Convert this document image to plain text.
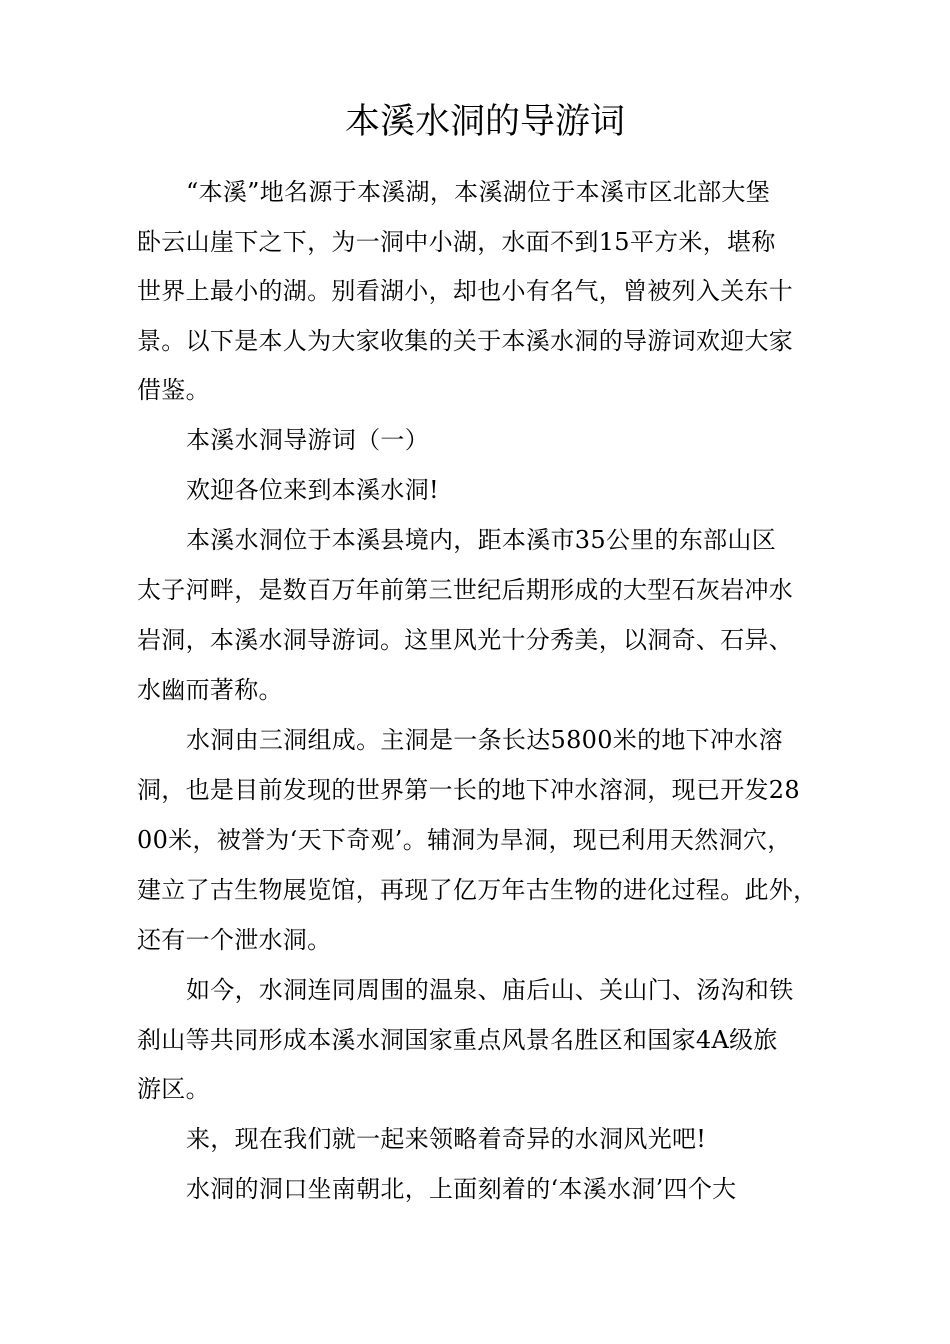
本溪水洞的导游词
“本溪”地名源于本溪湖，本溪湖位于本溪市区北部大堡
卧云山崖下之下，为一洞中小湖，水面不到15平方米，堪称
世界上最小的湖。别看湖小，却也小有名气，曾被列入关东十
景。以下是本人为大家收集的关于本溪水洞的导游词欢迎大家
借鉴。
本溪水洞导游词（一）
欢迎各位来到本溪水洞!
本溪水洞位于本溪县境内，距本溪市35公里的东部山区
太子河畔，是数百万年前第三世纪后期形成的大型石灰岩冲水
岩洞，本溪水洞导游词。这里风光十分秀美，以洞奇、石异、
水幽而著称。
水洞由三洞组成。主洞是一条长达5800米的地下冲水溶
洞，也是目前发现的世界第一长的地下冲水溶洞，现已开发28
00米，被誉为‘天下奇观’。辅洞为旱洞，现已利用天然洞穴，
建立了古生物展览馆，再现了亿万年古生物的进化过程。此外，
还有一个泄水洞。
如今，水洞连同周围的温泉、庙后山、关山门、汤沟和铁
刹山等共同形成本溪水洞国家重点风景名胜区和国家4A级旅
游区。
来，现在我们就一起来领略着奇异的水洞风光吧!
水洞的洞口坐南朝北，上面刻着的‘本溪水洞’四个大
